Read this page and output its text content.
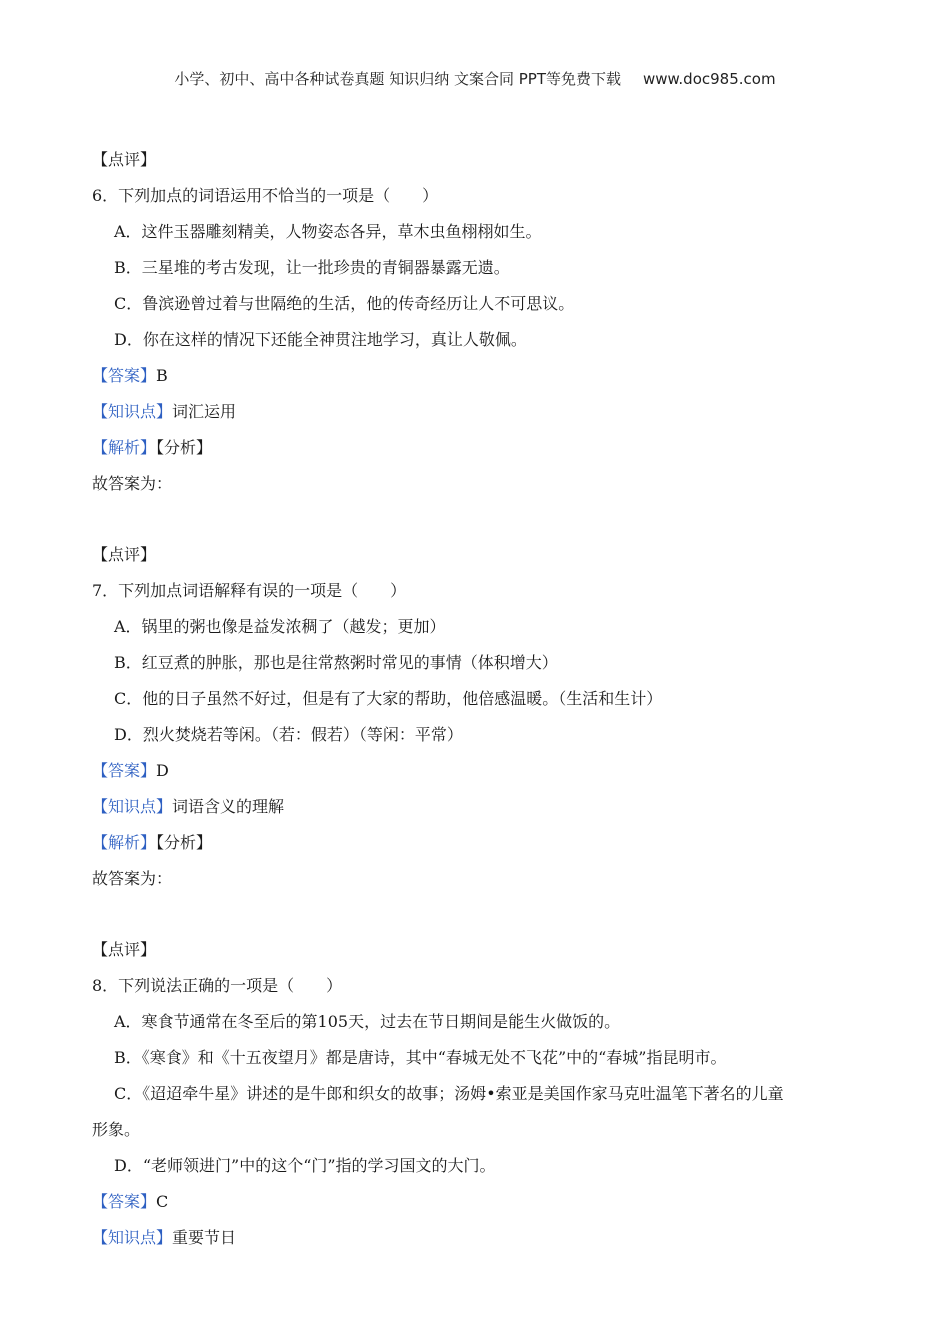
小学、初中、高中各种试卷真题 知识归纳 文案合同 PPT等免费下载 www.doc985.com
【点评】
6．下列加点的词语运用不恰当的一项是（　　）
A．这件玉器雕刻精美，人物姿态各异，草木虫鱼栩栩如生。
B．三星堆的考古发现，让一批珍贵的青铜器暴露无遗。
C．鲁滨逊曾过着与世隔绝的生活，他的传奇经历让人不可思议。
D．你在这样的情况下还能全神贯注地学习，真让人敬佩。
【答案】B
【知识点】词汇运用
【解析】【分析】
故答案为：
【点评】
7．下列加点词语解释有误的一项是（　　）
A．锅里的粥也像是益发浓稠了（越发；更加）
B．红豆煮的肿胀，那也是往常熬粥时常见的事情（体积增大）
C．他的日子虽然不好过，但是有了大家的帮助，他倍感温暖。（生活和生计）
D．烈火焚烧若等闲。（若：假若）（等闲：平常）
【答案】D
【知识点】词语含义的理解
【解析】【分析】
故答案为：
【点评】
8．下列说法正确的一项是（　　）
A．寒食节通常在冬至后的第105天，过去在节日期间是能生火做饭的。
B．《寒食》和《十五夜望月》都是唐诗，其中“春城无处不飞花”中的“春城”指昆明市。
C．《迢迢牵牛星》讲述的是牛郎和织女的故事；汤姆•索亚是美国作家马克吐温笔下著名的儿童
形象。
D．“老师领进门”中的这个“门”指的学习国文的大门。
【答案】C
【知识点】重要节日
